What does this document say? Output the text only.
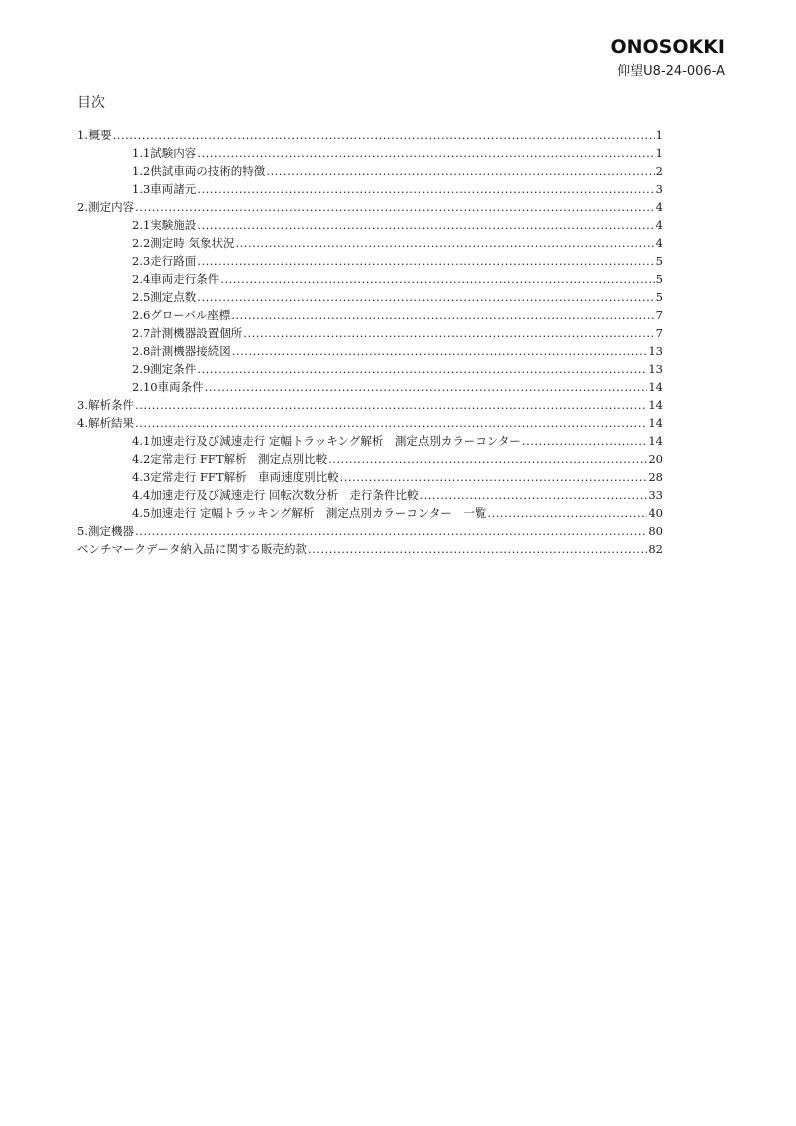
ONOSOKKI
仰望U8-24-006-A
目次
1. 概要 .....	1
1.1 試験内容 .....	1
1.2 供試車両の技術的特徴 .....	2
1.3 車両諸元 .....	3
2. 測定内容 .....	4
2.1 実験施設 .....	4
2.2 測定時 気象状況 .....	4
2.3 走行路面 .....	5
2.4 車両走行条件 .....	5
2.5 測定点数 .....	5
2.6 グローバル座標 .....	7
2.7 計測機器設置個所 .....	7
2.8 計測機器接続図 .....	13
2.9 測定条件 .....	13
2.10 車両条件 .....	14
3. 解析条件 .....	14
4. 解析結果 .....	14
4.1 加速走行及び減速走行 定幅トラッキング解析　測定点別カラーコンター .....	14
4.2 定常走行 FFT解析　測定点別比較 .....	20
4.3 定常走行 FFT解析　車両速度別比較 .....	28
4.4 加速走行及び減速走行 回転次数分析　走行条件比較 .....	33
4.5 加速走行 定幅トラッキング解析　測定点別カラーコンター　一覧 .....	40
5. 測定機器 .....	80
ベンチマークデータ納入品に関する販売約款 .....	82
